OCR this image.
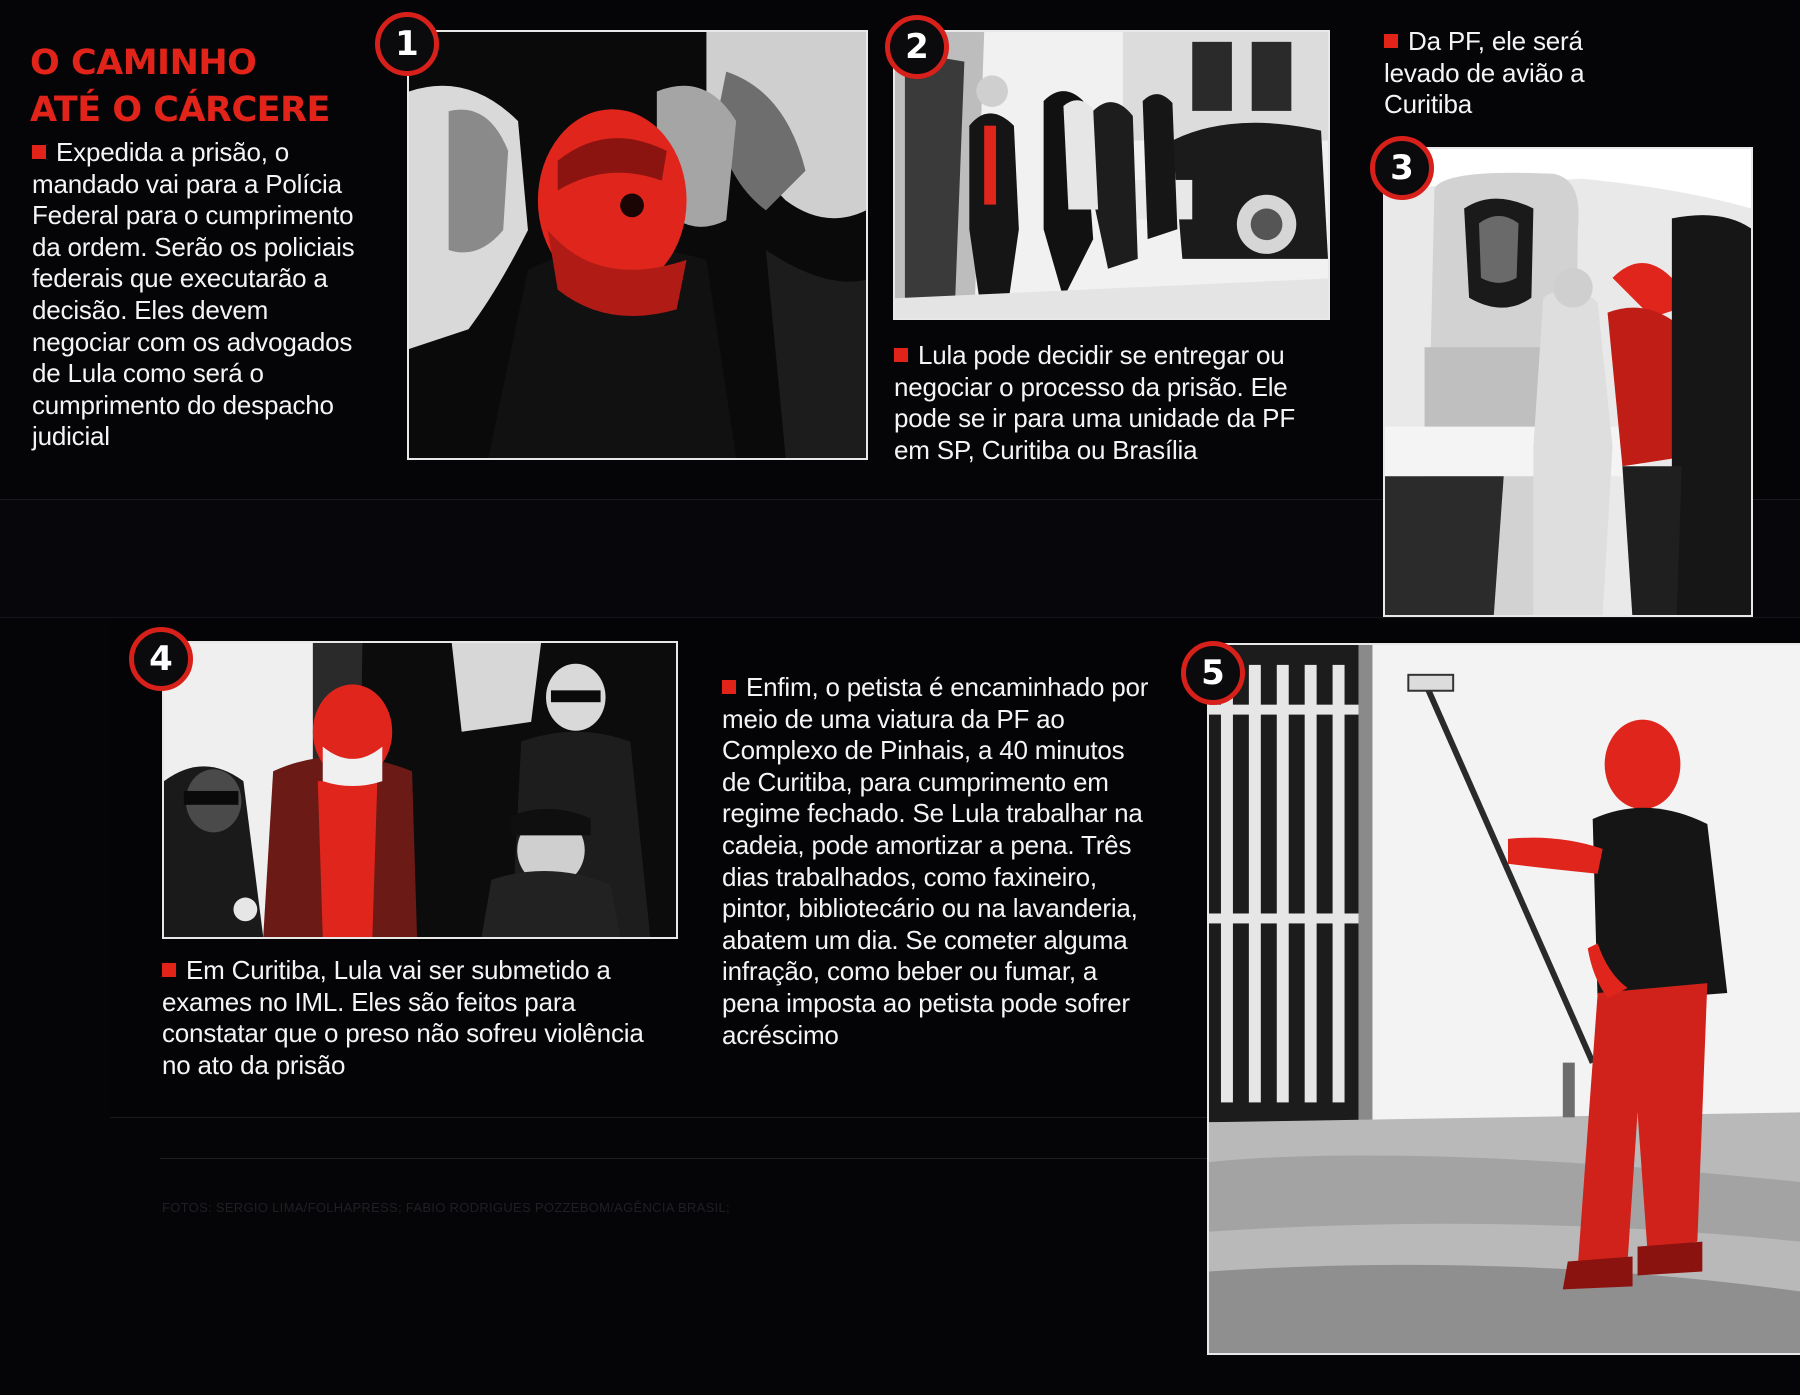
O CAMINHO
ATÉ O CÁRCERE
Expedida a prisão, o mandado vai para a Polícia Federal para o cumprimento da ordem. Serão os policiais federais que executarão a decisão. Eles devem negociar com os advogados de Lula como será o cumprimento do despacho judicial
1	2
Lula pode decidir se entregar ou negociar o processo da prisão. Ele pode se ir para uma unidade da PF em SP, Curitiba ou Brasília
Da PF, ele será levado de avião a Curitiba
3
4
Em Curitiba, Lula vai ser submetido a exames no IML. Eles são feitos para constatar que o preso não sofreu violência no ato da prisão
Enfim, o petista é encaminhado por meio de uma viatura da PF ao Complexo de Pinhais, a 40 minutos de Curitiba, para cumprimento em regime fechado. Se Lula trabalhar na cadeia, pode amortizar a pena. Três dias trabalhados, como faxineiro, pintor, bibliotecário ou na lavanderia, abatem um dia. Se cometer alguma infração, como beber ou fumar, a pena imposta ao petista pode sofrer acréscimo
5
FOTOS: SERGIO LIMA/FOLHAPRESS; FABIO RODRIGUES POZZEBOM/AGÊNCIA BRASIL;
